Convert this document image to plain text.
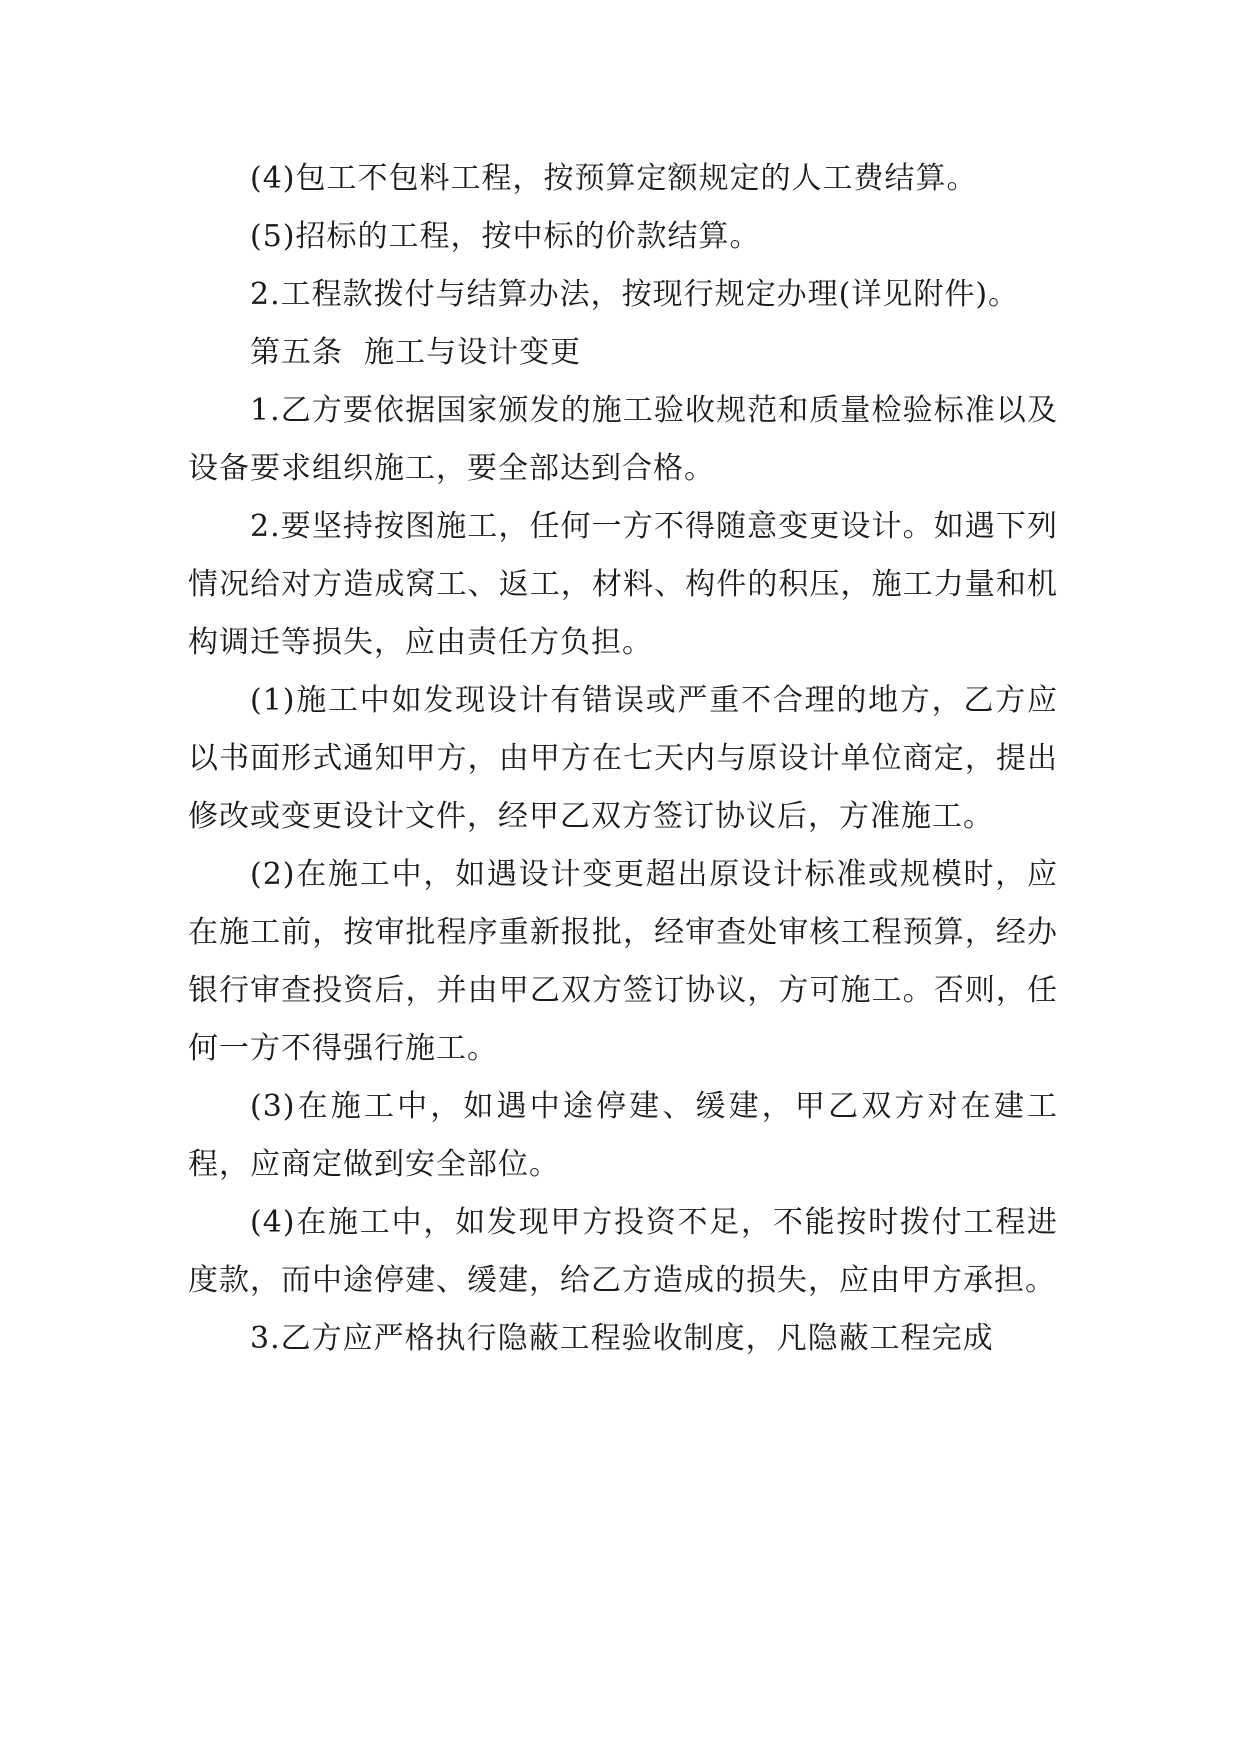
(4)包工不包料工程，按预算定额规定的人工费结算。

(5)招标的工程，按中标的价款结算。

2.工程款拨付与结算办法，按现行规定办理(详见附件)。

第五条  施工与设计变更

1.乙方要依据国家颁发的施工验收规范和质量检验标准以及设备要求组织施工，要全部达到合格。

2.要坚持按图施工，任何一方不得随意变更设计。如遇下列情况给对方造成窝工、返工，材料、构件的积压，施工力量和机构调迁等损失，应由责任方负担。

(1)施工中如发现设计有错误或严重不合理的地方，乙方应以书面形式通知甲方，由甲方在七天内与原设计单位商定，提出修改或变更设计文件，经甲乙双方签订协议后，方准施工。

(2)在施工中，如遇设计变更超出原设计标准或规模时，应在施工前，按审批程序重新报批，经审查处审核工程预算，经办银行审查投资后，并由甲乙双方签订协议，方可施工。否则，任何一方不得强行施工。

(3)在施工中，如遇中途停建、缓建，甲乙双方对在建工程，应商定做到安全部位。

(4)在施工中，如发现甲方投资不足，不能按时拨付工程进度款，而中途停建、缓建，给乙方造成的损失，应由甲方承担。

3.乙方应严格执行隐蔽工程验收制度，凡隐蔽工程完成
